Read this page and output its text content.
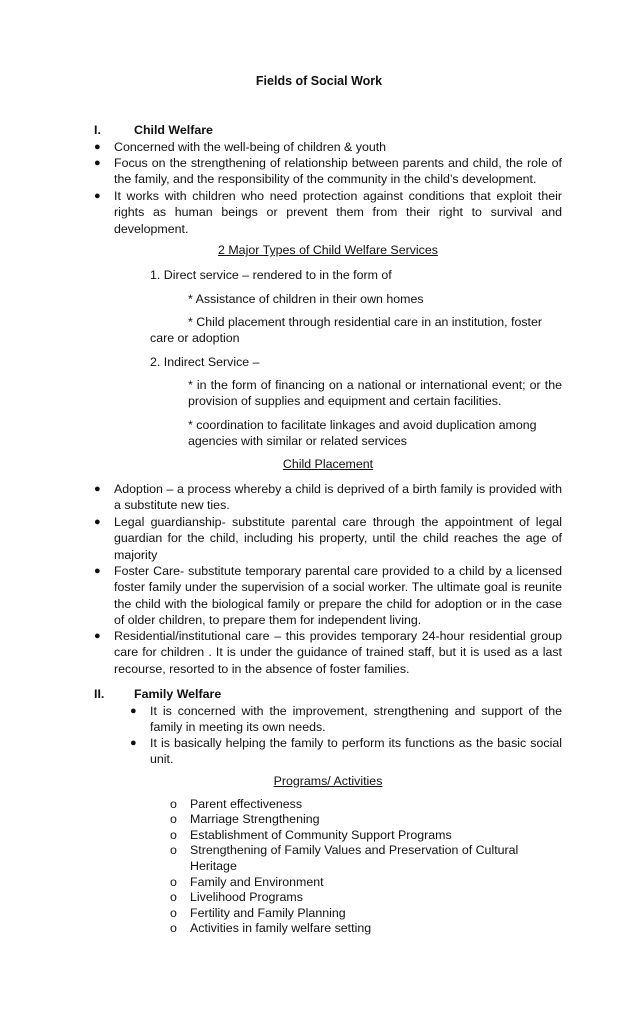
Fields of Social Work
I.	Child Welfare
● Concerned with the well-being of children & youth
● Focus on the strengthening of relationship between parents and child, the role of the family, and the responsibility of the community in the child’s development.
● It works with children who need protection against conditions that exploit their rights as human beings or prevent them from their right to survival and development.
2 Major Types of Child Welfare Services
1. Direct service – rendered to in the form of
* Assistance of children in their own homes
* Child placement through residential care in an institution, foster care or adoption
2. Indirect Service –
* in the form of financing on a national or international event; or the provision of supplies and equipment and certain facilities.
* coordination to facilitate linkages and avoid duplication among agencies with similar or related services
Child Placement
● Adoption – a process whereby a child is deprived of a birth family is provided with a substitute new ties.
● Legal guardianship- substitute parental care through the appointment of legal guardian for the child, including his property, until the child reaches the age of majority
● Foster Care- substitute temporary parental care provided to a child by a licensed foster family under the supervision of a social worker. The ultimate goal is reunite the child with the biological family or prepare the child for adoption or in the case of older children, to prepare them for independent living.
● Residential/institutional care – this provides temporary 24-hour residential group care for children . It is under the guidance of trained staff, but it is used as a last recourse, resorted to in the absence of foster families.
II. Family Welfare
● It is concerned with the improvement, strengthening and support of the family in meeting its own needs.
● It is basically helping the family to perform its functions as the basic social unit.
Programs/ Activities
o Parent effectiveness
o Marriage Strengthening
o Establishment of Community Support Programs
o Strengthening of Family Values and Preservation of Cultural Heritage
o Family and Environment
o Livelihood Programs
o Fertility and Family Planning
o Activities in family welfare setting
